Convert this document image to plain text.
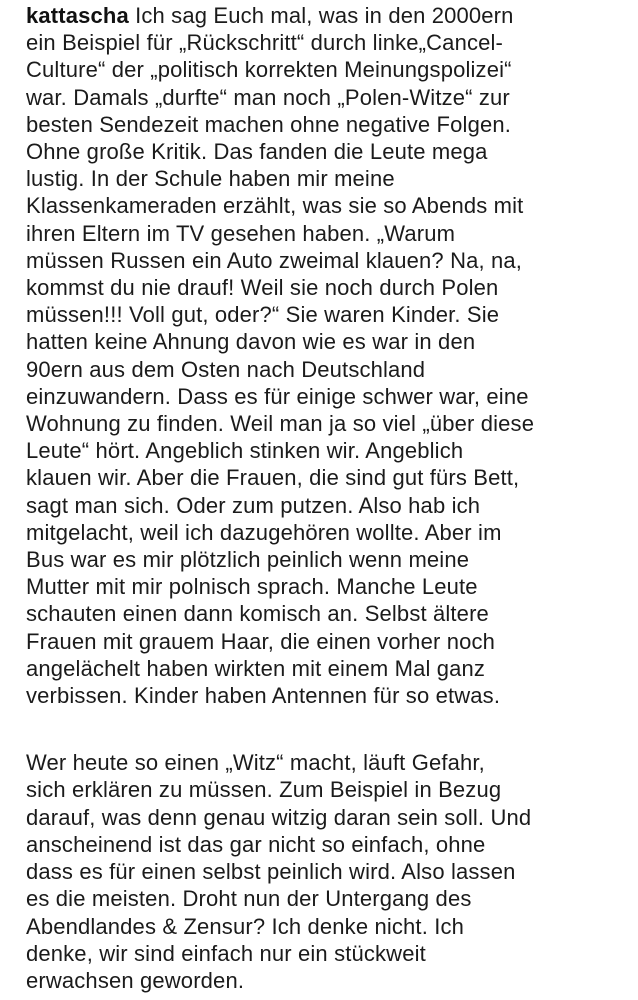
kattascha Ich sag Euch mal, was in den 2000ern
ein Beispiel für „Rückschritt“ durch linke„Cancel-
Culture“ der „politisch korrekten Meinungspolizei“
war. Damals „durfte“ man noch „Polen-Witze“ zur
besten Sendezeit machen ohne negative Folgen.
Ohne große Kritik. Das fanden die Leute mega
lustig. In der Schule haben mir meine
Klassenkameraden erzählt, was sie so Abends mit
ihren Eltern im TV gesehen haben. „Warum
müssen Russen ein Auto zweimal klauen? Na, na,
kommst du nie drauf! Weil sie noch durch Polen
müssen!!! Voll gut, oder?“ Sie waren Kinder. Sie
hatten keine Ahnung davon wie es war in den
90ern aus dem Osten nach Deutschland
einzuwandern. Dass es für einige schwer war, eine
Wohnung zu finden. Weil man ja so viel „über diese
Leute“ hört. Angeblich stinken wir. Angeblich
klauen wir. Aber die Frauen, die sind gut fürs Bett,
sagt man sich. Oder zum putzen. Also hab ich
mitgelacht, weil ich dazugehören wollte. Aber im
Bus war es mir plötzlich peinlich wenn meine
Mutter mit mir polnisch sprach. Manche Leute
schauten einen dann komisch an. Selbst ältere
Frauen mit grauem Haar, die einen vorher noch
angelächelt haben wirkten mit einem Mal ganz
verbissen. Kinder haben Antennen für so etwas.
Wer heute so einen „Witz“ macht, läuft Gefahr,
sich erklären zu müssen. Zum Beispiel in Bezug
darauf, was denn genau witzig daran sein soll. Und
anscheinend ist das gar nicht so einfach, ohne
dass es für einen selbst peinlich wird. Also lassen
es die meisten. Droht nun der Untergang des
Abendlandes & Zensur? Ich denke nicht. Ich
denke, wir sind einfach nur ein stückweit
erwachsen geworden.
